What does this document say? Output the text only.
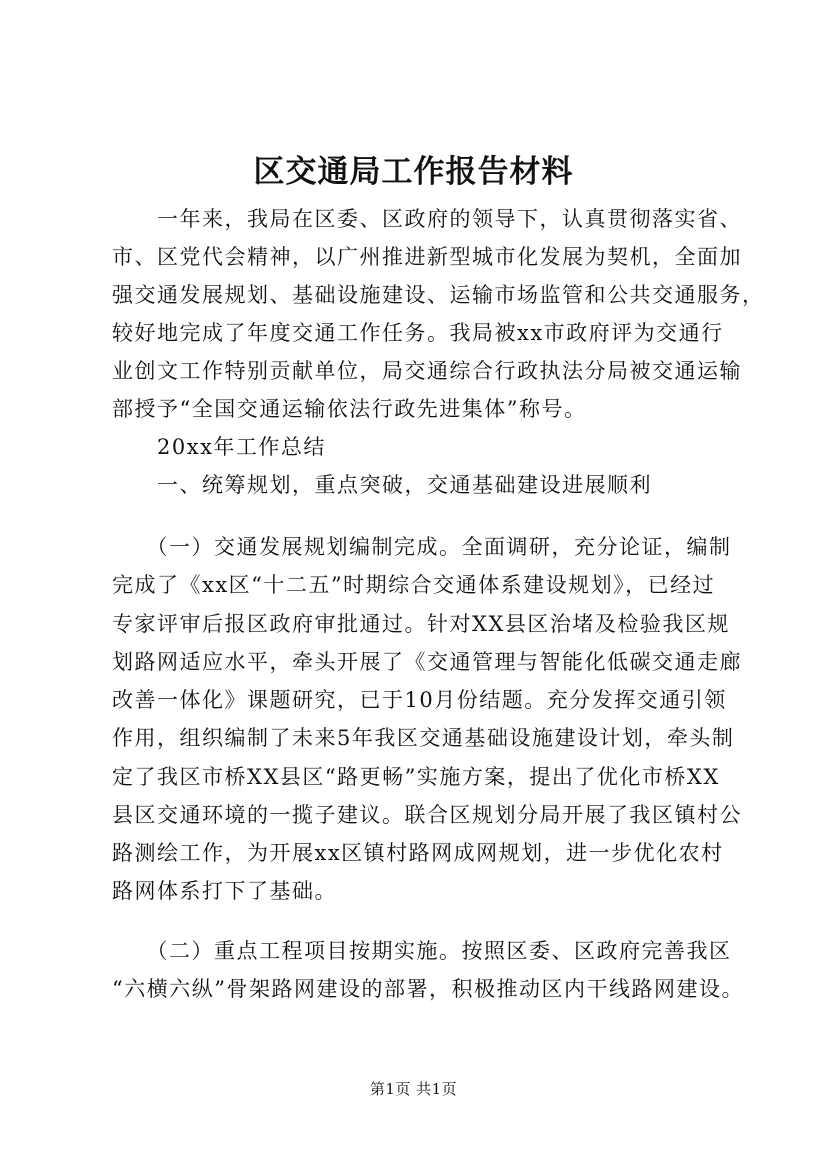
区交通局工作报告材料
　　一年来，我局在区委、区政府的领导下，认真贯彻落实省、
市、区党代会精神，以广州推进新型城市化发展为契机，全面加
强交通发展规划、基础设施建设、运输市场监管和公共交通服务，
较好地完成了年度交通工作任务。我局被xx市政府评为交通行
业创文工作特别贡献单位，局交通综合行政执法分局被交通运输
部授予“全国交通运输依法行政先进集体”称号。
　　20xx年工作总结
　　一、统筹规划，重点突破，交通基础建设进展顺利
　　（一）交通发展规划编制完成。全面调研，充分论证，编制
完成了《xx区“十二五”时期综合交通体系建设规划》，已经过
专家评审后报区政府审批通过。针对XX县区治堵及检验我区规
划路网适应水平，牵头开展了《交通管理与智能化低碳交通走廊
改善一体化》课题研究，已于10月份结题。充分发挥交通引领
作用，组织编制了未来5年我区交通基础设施建设计划，牵头制
定了我区市桥XX县区“路更畅”实施方案，提出了优化市桥XX
县区交通环境的一揽子建议。联合区规划分局开展了我区镇村公
路测绘工作，为开展xx区镇村路网成网规划，进一步优化农村
路网体系打下了基础。
　　（二）重点工程项目按期实施。按照区委、区政府完善我区
“六横六纵”骨架路网建设的部署，积极推动区内干线路网建设。
第1页 共1页
